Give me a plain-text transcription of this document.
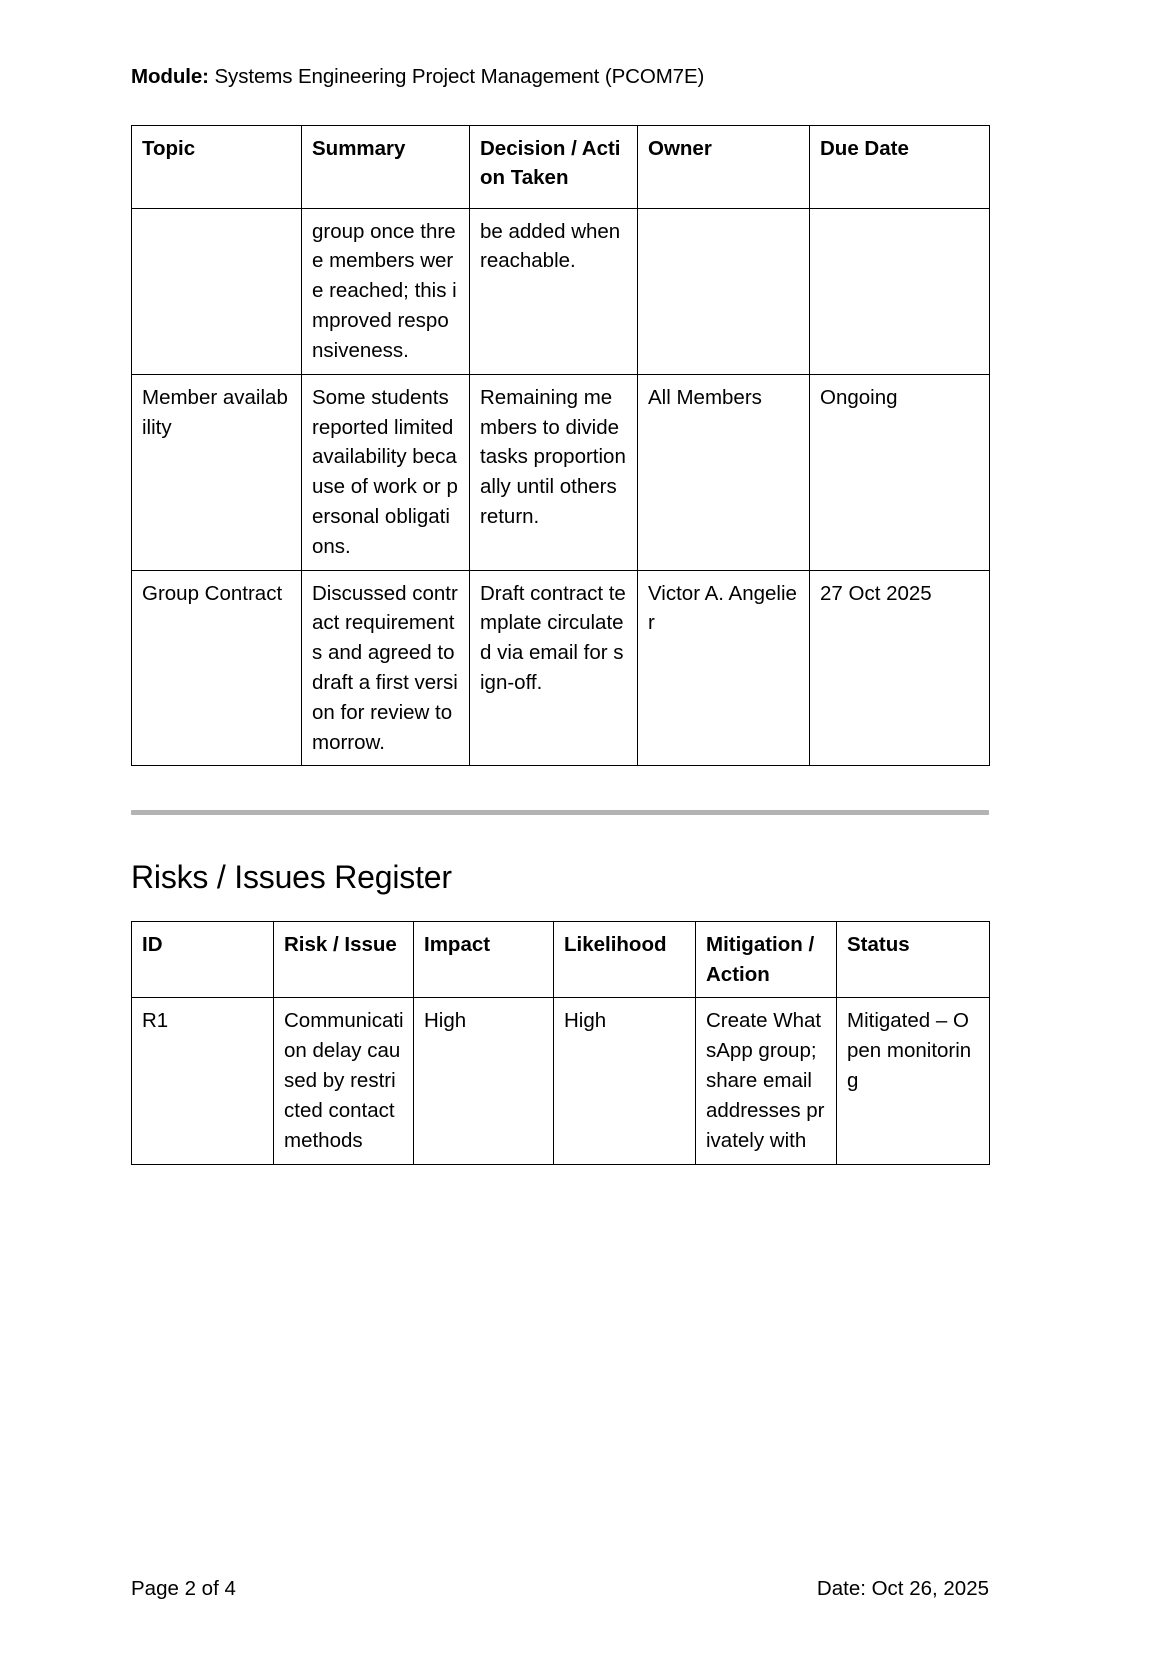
Module: Systems Engineering Project Management (PCOM7E)

Topic	Summary	Decision / Action Taken	Owner	Due Date
	group once three members were reached; this improved responsiveness.	be added when reachable.		
Member availability	Some students reported limited availability because of work or personal obligations.	Remaining members to divide tasks proportionally until others return.	All Members	Ongoing
Group Contract	Discussed contract requirements and agreed to draft a first version for review tomorrow.	Draft contract template circulated via email for sign-off.	Victor A. Angelier	27 Oct 2025
Risks / Issues Register
ID	Risk / Issue	Impact	Likelihood	Mitigation / Action	Status
R1	Communication delay caused by restricted contact methods	High	High	Create WhatsApp group; share email addresses privately with	Mitigated – Open monitoring
Page 2 of 4	Date: Oct 26, 2025
